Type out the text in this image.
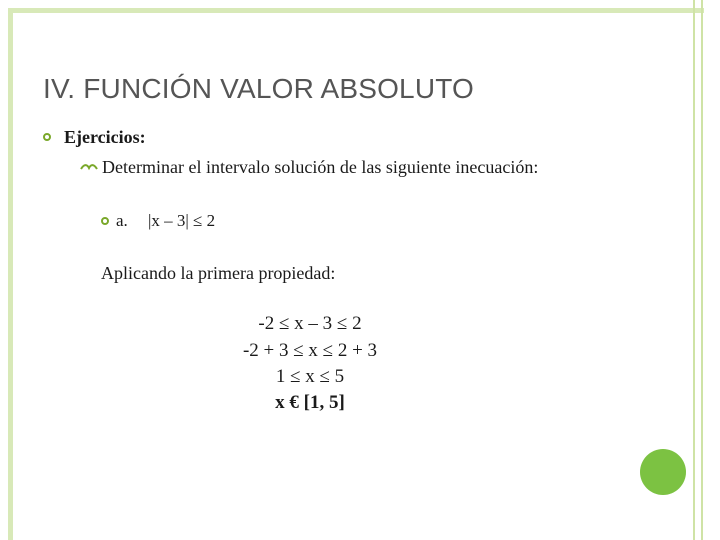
IV. FUNCIÓN VALOR ABSOLUTO
Ejercicios:
Determinar el intervalo solución de las siguiente inecuación:
a. |x – 3| ≤ 2
Aplicando la primera propiedad:
-2 ≤ x – 3 ≤ 2
-2 + 3 ≤ x ≤ 2 + 3
1 ≤ x ≤ 5
x € [1, 5]
